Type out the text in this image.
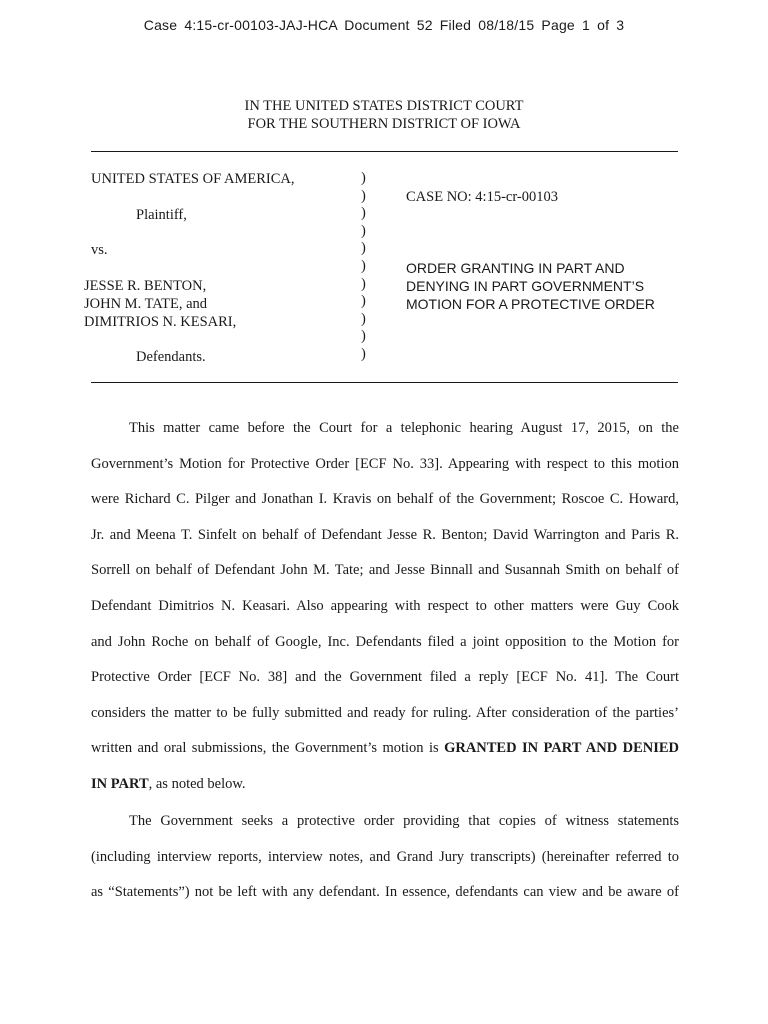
Case 4:15-cr-00103-JAJ-HCA Document 52 Filed 08/18/15 Page 1 of 3
IN THE UNITED STATES DISTRICT COURT
FOR THE SOUTHERN DISTRICT OF IOWA
UNITED STATES OF AMERICA,
Plaintiff,
vs.
JESSE R. BENTON,
JOHN M. TATE, and
DIMITRIOS N. KESARI,
Defendants.
)
)
)
)
)
)
)
)
)
)
)
CASE NO: 4:15-cr-00103
ORDER GRANTING IN PART AND
DENYING IN PART GOVERNMENT’S
MOTION FOR A PROTECTIVE ORDER
This matter came before the Court for a telephonic hearing August 17, 2015, on the
Government’s Motion for Protective Order [ECF No. 33]. Appearing with respect to this motion
were Richard C. Pilger and Jonathan I. Kravis on behalf of the Government; Roscoe C. Howard,
Jr. and Meena T. Sinfelt on behalf of Defendant Jesse R. Benton; David Warrington and Paris R.
Sorrell on behalf of Defendant John M. Tate; and Jesse Binnall and Susannah Smith on behalf of
Defendant Dimitrios N. Keasari. Also appearing with respect to other matters were Guy Cook
and John Roche on behalf of Google, Inc. Defendants filed a joint opposition to the Motion for
Protective Order [ECF No. 38] and the Government filed a reply [ECF No. 41]. The Court
considers the matter to be fully submitted and ready for ruling. After consideration of the parties’
written and oral submissions, the Government’s motion is GRANTED IN PART AND DENIED
IN PART, as noted below.
The Government seeks a protective order providing that copies of witness statements
(including interview reports, interview notes, and Grand Jury transcripts) (hereinafter referred to
as “Statements”) not be left with any defendant. In essence, defendants can view and be aware of
